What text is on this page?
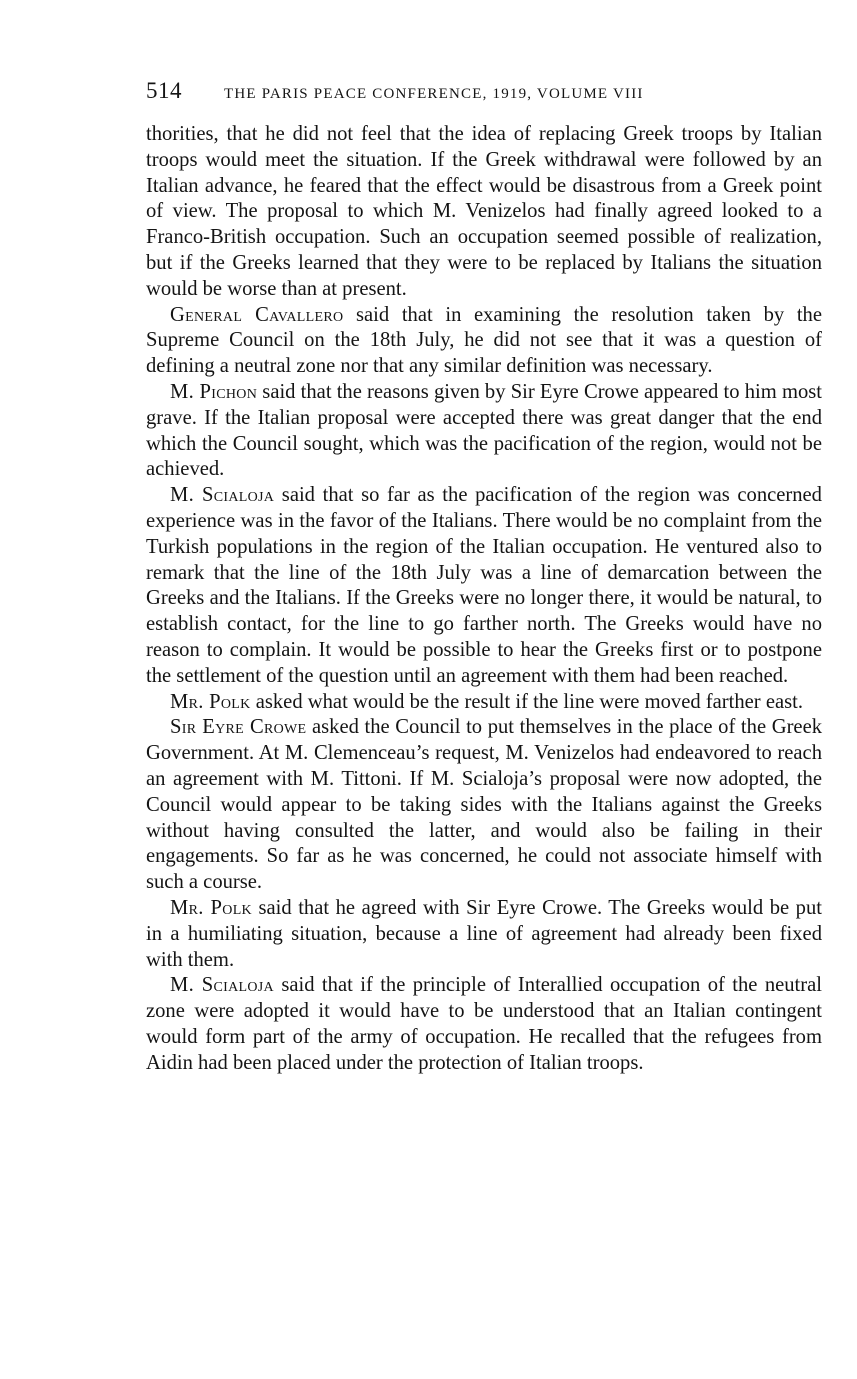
514	THE PARIS PEACE CONFERENCE, 1919, VOLUME VIII

thorities, that he did not feel that the idea of replacing Greek troops by Italian troops would meet the situation. If the Greek withdrawal were followed by an Italian advance, he feared that the effect would be disastrous from a Greek point of view. The proposal to which M. Venizelos had finally agreed looked to a Franco-British occupation. Such an occupation seemed possible of realization, but if the Greeks learned that they were to be replaced by Italians the situation would be worse than at present.

General Cavallero said that in examining the resolution taken by the Supreme Council on the 18th July, he did not see that it was a question of defining a neutral zone nor that any similar definition was necessary.

M. Pichon said that the reasons given by Sir Eyre Crowe appeared to him most grave. If the Italian proposal were accepted there was great danger that the end which the Council sought, which was the pacification of the region, would not be achieved.

M. Scialoja said that so far as the pacification of the region was concerned experience was in the favor of the Italians. There would be no complaint from the Turkish populations in the region of the Italian occupation. He ventured also to remark that the line of the 18th July was a line of demarcation between the Greeks and the Italians. If the Greeks were no longer there, it would be natural, to establish contact, for the line to go farther north. The Greeks would have no reason to complain. It would be possible to hear the Greeks first or to postpone the settlement of the question until an agreement with them had been reached.

Mr. Polk asked what would be the result if the line were moved farther east.

Sir Eyre Crowe asked the Council to put themselves in the place of the Greek Government. At M. Clemenceau’s request, M. Venizelos had endeavored to reach an agreement with M. Tittoni. If M. Scialoja’s proposal were now adopted, the Council would appear to be taking sides with the Italians against the Greeks without having consulted the latter, and would also be failing in their engagements. So far as he was concerned, he could not associate himself with such a course.

Mr. Polk said that he agreed with Sir Eyre Crowe. The Greeks would be put in a humiliating situation, because a line of agreement had already been fixed with them.

M. Scialoja said that if the principle of Interallied occupation of the neutral zone were adopted it would have to be understood that an Italian contingent would form part of the army of occupation. He recalled that the refugees from Aidin had been placed under the protection of Italian troops.
